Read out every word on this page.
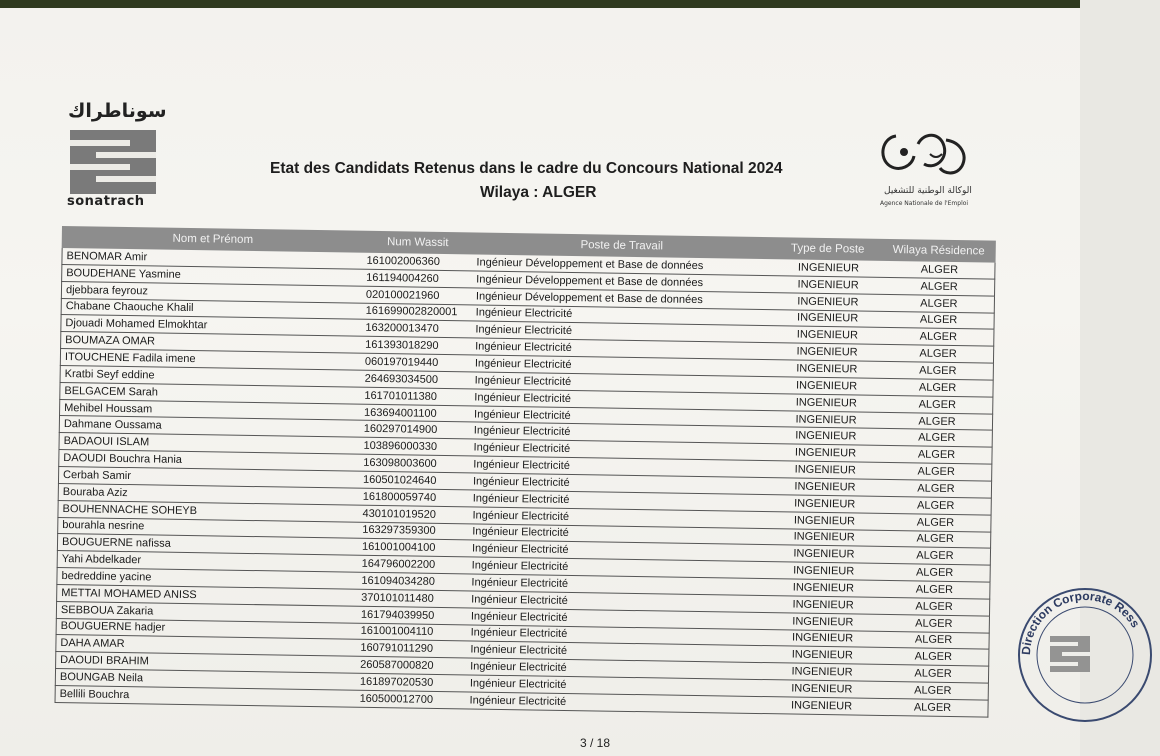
سوناطراك
sonatrach
الوكالة الوطنية للتشغيل
Agence Nationale de l'Emploi
Etat des Candidats Retenus dans le cadre du Concours National 2024
Wilaya : ALGER
Nom et Prénom	Num Wassit	Poste de Travail	Type de Poste	Wilaya Résidence
BENOMAR Amir	161002006360	Ingénieur Développement et Base de données	INGENIEUR	ALGER
BOUDEHANE Yasmine	161194004260	Ingénieur Développement et Base de données	INGENIEUR	ALGER
djebbara feyrouz	020100021960	Ingénieur Développement et Base de données	INGENIEUR	ALGER
Chabane Chaouche Khalil	161699002820001	Ingénieur Electricité	INGENIEUR	ALGER
Djouadi Mohamed Elmokhtar	163200013470	Ingénieur Electricité	INGENIEUR	ALGER
BOUMAZA OMAR	161393018290	Ingénieur Electricité	INGENIEUR	ALGER
ITOUCHENE Fadila imene	060197019440	Ingénieur Electricité	INGENIEUR	ALGER
Kratbi Seyf eddine	264693034500	Ingénieur Electricité	INGENIEUR	ALGER
BELGACEM Sarah	161701011380	Ingénieur Electricité	INGENIEUR	ALGER
Mehibel Houssam	163694001100	Ingénieur Electricité	INGENIEUR	ALGER
Dahmane Oussama	160297014900	Ingénieur Electricité	INGENIEUR	ALGER
BADAOUI ISLAM	103896000330	Ingénieur Electricité	INGENIEUR	ALGER
DAOUDI Bouchra Hania	163098003600	Ingénieur Electricité	INGENIEUR	ALGER
Cerbah Samir	160501024640	Ingénieur Electricité	INGENIEUR	ALGER
Bouraba Aziz	161800059740	Ingénieur Electricité	INGENIEUR	ALGER
BOUHENNACHE SOHEYB	430101019520	Ingénieur Electricité	INGENIEUR	ALGER
bourahla nesrine	163297359300	Ingénieur Electricité	INGENIEUR	ALGER
BOUGUERNE nafissa	161001004100	Ingénieur Electricité	INGENIEUR	ALGER
Yahi Abdelkader	164796002200	Ingénieur Electricité	INGENIEUR	ALGER
bedreddine yacine	161094034280	Ingénieur Electricité	INGENIEUR	ALGER
METTAI MOHAMED ANISS	370101011480	Ingénieur Electricité	INGENIEUR	ALGER
SEBBOUA Zakaria	161794039950	Ingénieur Electricité	INGENIEUR	ALGER
BOUGUERNE hadjer	161001004110	Ingénieur Electricité	INGENIEUR	ALGER
DAHA AMAR	160791011290	Ingénieur Electricité	INGENIEUR	ALGER
DAOUDI BRAHIM	260587000820	Ingénieur Electricité	INGENIEUR	ALGER
BOUNGAB Neila	161897020530	Ingénieur Electricité	INGENIEUR	ALGER
Bellili Bouchra	160500012700	Ingénieur Electricité	INGENIEUR	ALGER
3 / 18
Direction Corporate Ress
